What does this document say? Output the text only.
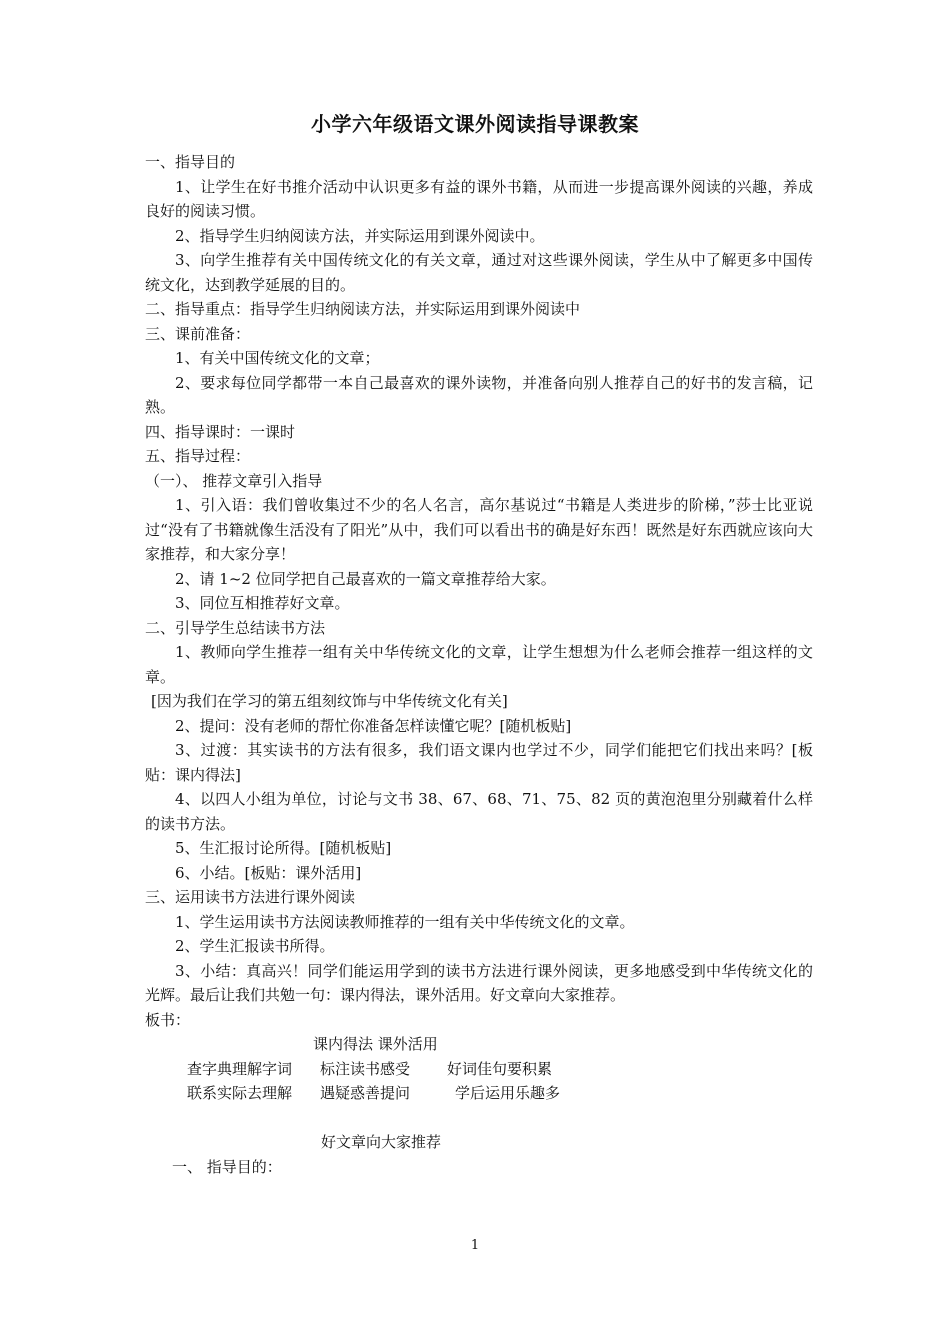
小学六年级语文课外阅读指导课教案
一、指导目的
1、让学生在好书推介活动中认识更多有益的课外书籍，从而进一步提高课外阅读的兴趣，养成良好的阅读习惯。
2、指导学生归纳阅读方法，并实际运用到课外阅读中。
3、向学生推荐有关中国传统文化的有关文章，通过对这些课外阅读，学生从中了解更多中国传统文化，达到教学延展的目的。
二、指导重点：指导学生归纳阅读方法，并实际运用到课外阅读中
三、课前准备：
1、有关中国传统文化的文章；
2、要求每位同学都带一本自己最喜欢的课外读物，并准备向别人推荐自己的好书的发言稿，记熟。
四、指导课时：一课时
五、指导过程：
（一）、 推荐文章引入指导
1、引入语：我们曾收集过不少的名人名言，高尔基说过“书籍是人类进步的阶梯，”莎士比亚说过“没有了书籍就像生活没有了阳光”从中，我们可以看出书的确是好东西！既然是好东西就应该向大家推荐，和大家分享！
2、请 1~2 位同学把自己最喜欢的一篇文章推荐给大家。
3、同位互相推荐好文章。
二、引导学生总结读书方法
1、教师向学生推荐一组有关中华传统文化的文章，让学生想想为什么老师会推荐一组这样的文章。
[因为我们在学习的第五组刻纹饰与中华传统文化有关]
2、提问：没有老师的帮忙你准备怎样读懂它呢？[随机板贴]
3、过渡：其实读书的方法有很多，我们语文课内也学过不少，同学们能把它们找出来吗？[板贴：课内得法]
4、以四人小组为单位，讨论与文书 38、67、68、71、75、82 页的黄泡泡里分别藏着什么样的读书方法。
5、生汇报讨论所得。[随机板贴]
6、小结。[板贴：课外活用]
三、运用读书方法进行课外阅读
1、学生运用读书方法阅读教师推荐的一组有关中华传统文化的文章。
2、学生汇报读书所得。
3、小结：真高兴！同学们能运用学到的读书方法进行课外阅读，更多地感受到中华传统文化的光辉。最后让我们共勉一句：课内得法，课外活用。好文章向大家推荐。
板书：
课内得法 课外活用
查字典理解字词 标注读书感受 好词佳句要积累
联系实际去理解 遇疑惑善提问	学后运用乐趣多
好文章向大家推荐
一、 指导目的：
1
